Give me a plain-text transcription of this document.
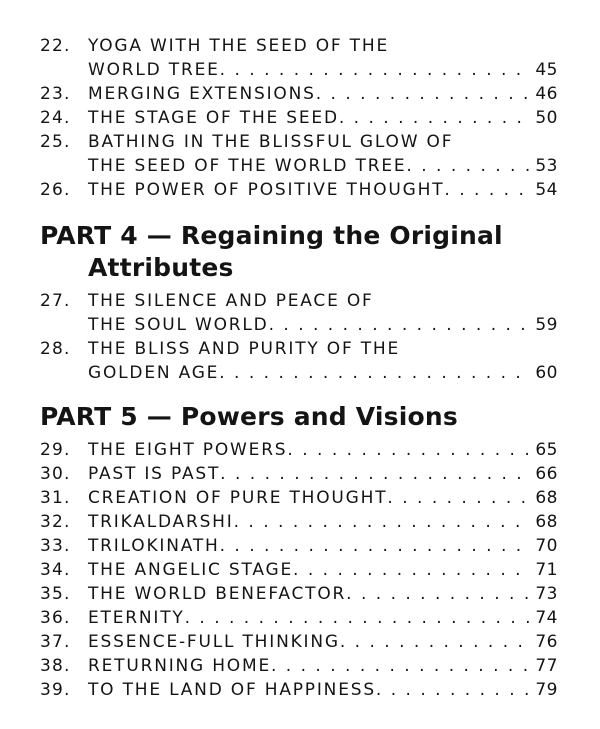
22. YOGA WITH THE SEED OF THE
WORLD TREE . . .	45
23. MERGING EXTENSIONS . . .	46
24. THE STAGE OF THE SEED . . .	50
25. BATHING IN THE BLISSFUL GLOW OF
THE SEED OF THE WORLD TREE . . .	53
26. THE POWER OF POSITIVE THOUGHT . . .	54
PART 4 — Regaining the Original
Attributes
27. THE SILENCE AND PEACE OF
THE SOUL WORLD . . .	59
28. THE BLISS AND PURITY OF THE
GOLDEN AGE . . .	60
PART 5 — Powers and Visions
29. THE EIGHT POWERS . . .	65
30. PAST IS PAST . . .	66
31. CREATION OF PURE THOUGHT . . .	68
32. TRIKALDARSHI . . .	68
33. TRILOKINATH . . .	70
34. THE ANGELIC STAGE . . .	71
35. THE WORLD BENEFACTOR . . .	73
36. ETERNITY . . .	74
37. ESSENCE-FULL THINKING . . .	76
38. RETURNING HOME . . .	77
39. TO THE LAND OF HAPPINESS . . .	79
